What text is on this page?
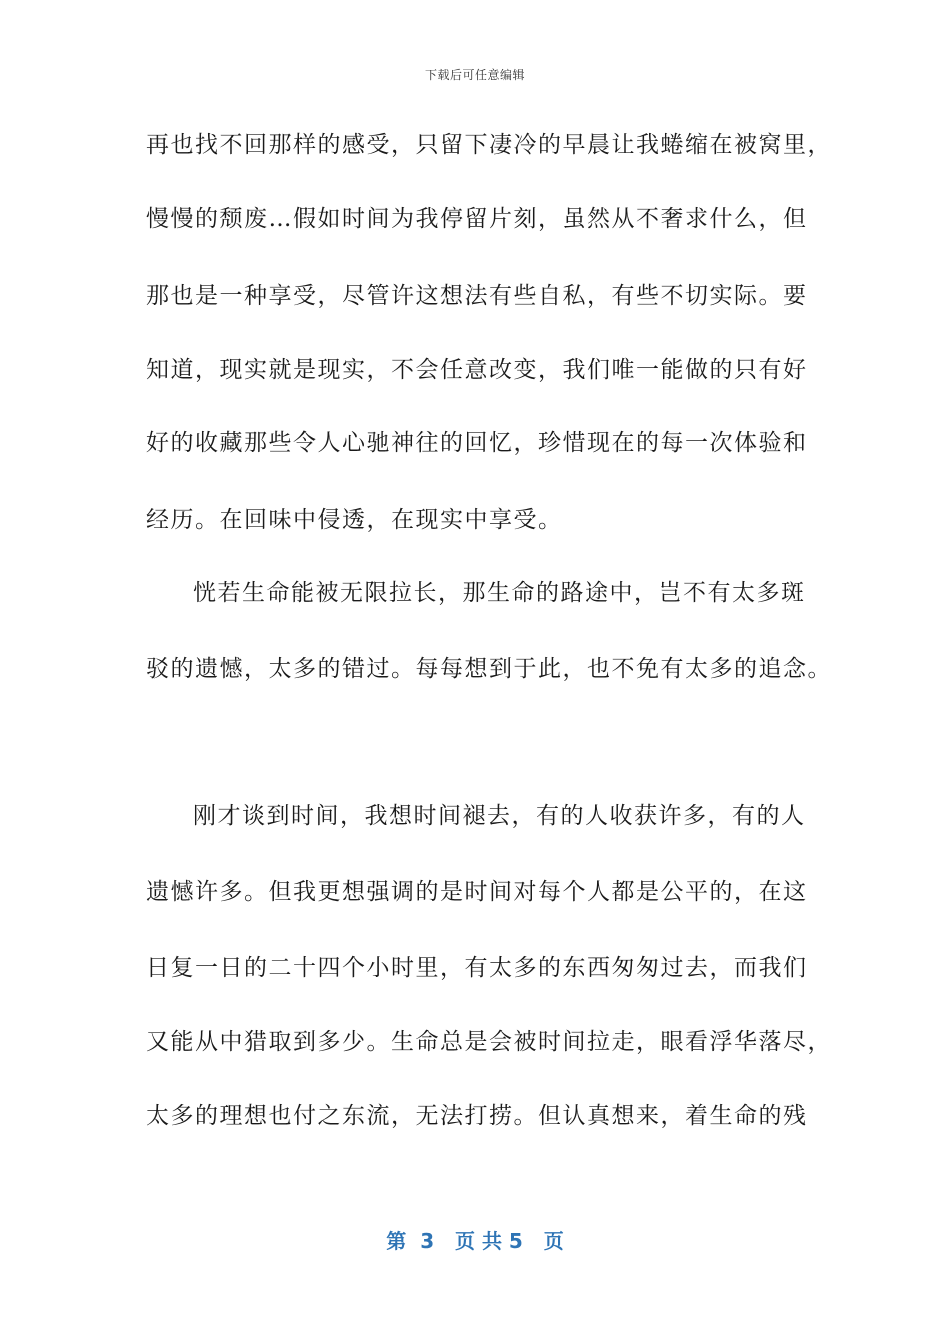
下载后可任意编辑
再也找不回那样的感受，只留下凄冷的早晨让我蜷缩在被窝里，
慢慢的颓废…假如时间为我停留片刻，虽然从不奢求什么，但
那也是一种享受，尽管许这想法有些自私，有些不切实际。要
知道，现实就是现实，不会任意改变，我们唯一能做的只有好
好的收藏那些令人心驰神往的回忆，珍惜现在的每一次体验和
经历。在回味中侵透，在现实中享受。
恍若生命能被无限拉长，那生命的路途中，岂不有太多斑
驳的遗憾，太多的错过。每每想到于此，也不免有太多的追念。
刚才谈到时间，我想时间褪去，有的人收获许多，有的人
遗憾许多。但我更想强调的是时间对每个人都是公平的，在这
日复一日的二十四个小时里，有太多的东西匆匆过去，而我们
又能从中猎取到多少。生命总是会被时间拉走，眼看浮华落尽，
太多的理想也付之东流，无法打捞。但认真想来，着生命的残
第  3   页 共 5   页
